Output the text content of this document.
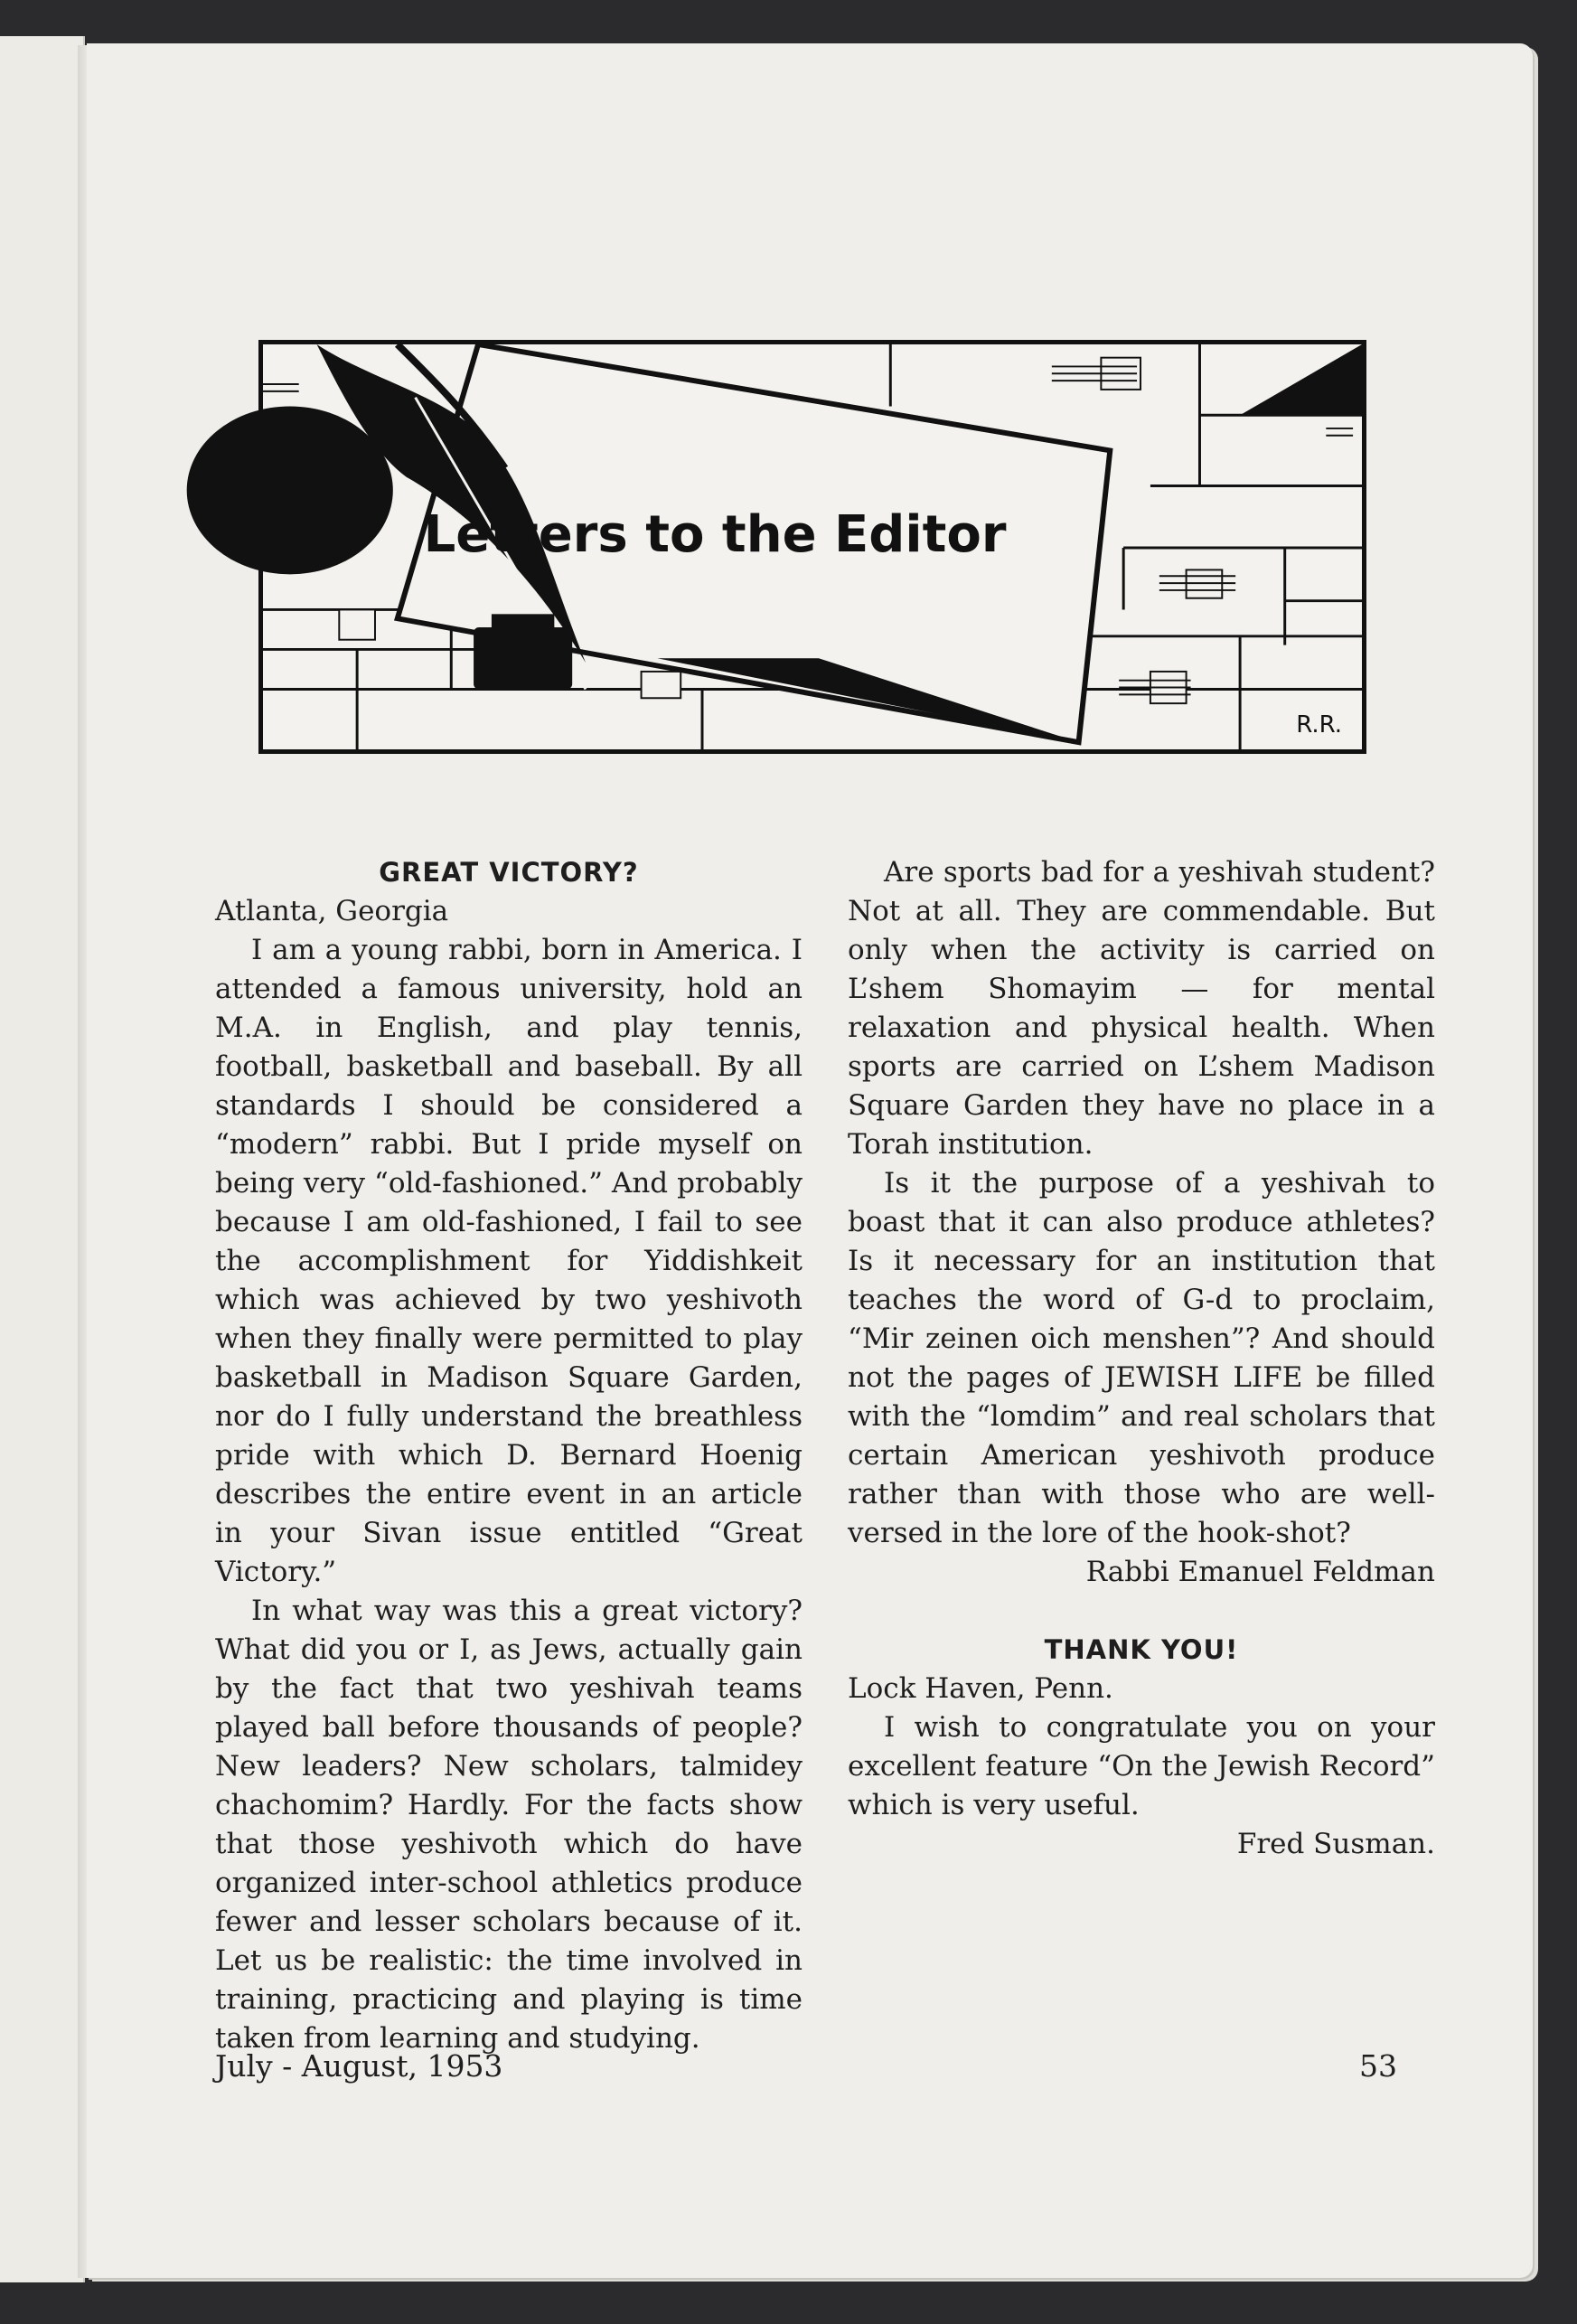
Letters to the Editor
R.R.

GREAT VICTORY?

Atlanta, Georgia

I am a young rabbi, born in America. I attended a famous university, hold an M.A. in English, and play tennis, football, basketball and baseball. By all standards I should be considered a “modern” rabbi. But I pride myself on being very “old-fashioned.” And probably because I am old-fashioned, I fail to see the accomplishment for Yiddishkeit which was achieved by two yeshivoth when they finally were permitted to play basketball in Madison Square Garden, nor do I fully understand the breathless pride with which D. Bernard Hoenig describes the entire event in an article in your Sivan issue entitled “Great Victory.”

In what way was this a great victory? What did you or I, as Jews, actually gain by the fact that two yeshivah teams played ball before thousands of people? New leaders? New scholars, talmidey chachomim? Hardly. For the facts show that those yeshivoth which do have organized inter-school athletics produce fewer and lesser scholars because of it. Let us be realistic: the time involved in training, practicing and playing is time taken from learning and studying.

Are sports bad for a yeshivah student? Not at all. They are commendable. But only when the activity is carried on L’shem Shomayim — for mental relaxation and physical health. When sports are carried on L’shem Madison Square Garden they have no place in a Torah institution.

Is it the purpose of a yeshivah to boast that it can also produce athletes? Is it necessary for an institution that teaches the word of G-d to proclaim, “Mir zeinen oich menshen”? And should not the pages of JEWISH LIFE be filled with the “lomdim” and real scholars that certain American yeshivoth produce rather than with those who are well-versed in the lore of the hook-shot?

Rabbi Emanuel Feldman

THANK YOU!

Lock Haven, Penn.

I wish to congratulate you on your excellent feature “On the Jewish Record” which is very useful.

Fred Susman.

July - August, 1953	53
